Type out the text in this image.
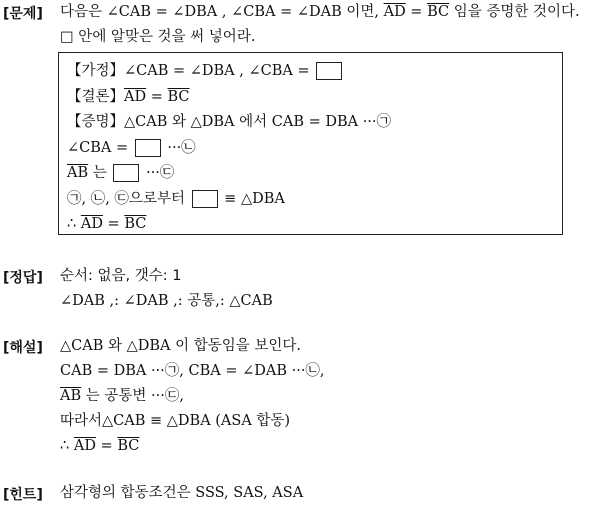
[문제] 다음은 ∠CAB = ∠DBA , ∠CBA = ∠DAB 이면, $\overline{AD} = \overline{BC}$ 임을 증명한 것이다.
□ 안에 알맞은 것을 써 넣어라.
【가정】∠CAB = ∠DBA , ∠CBA =
【결론】$\overline{AD} = \overline{BC}$
【증명】△CAB 와 △DBA 에서 CAB = DBA ···㉠
∠CBA =  ···㉡
$\overline{AB}$ 는  ···㉢
㉠, ㉡, ㉢으로부터  ≡ △DBA
∴ $\overline{AD} = \overline{BC}$
[정답] 순서: 없음, 갯수: 1
∠DAB ,: ∠DAB ,: 공통,: △CAB
[해설] △CAB 와 △DBA 이 합동임을 보인다.
CAB = DBA ···㉠, CBA = ∠DAB ···㉡,
$\overline{AB}$ 는 공통변 ···㉢,
따라서△CAB ≡ △DBA (ASA 합동)
∴ $\overline{AD} = \overline{BC}$
[힌트] 삼각형의 합동조건은 SSS, SAS, ASA
